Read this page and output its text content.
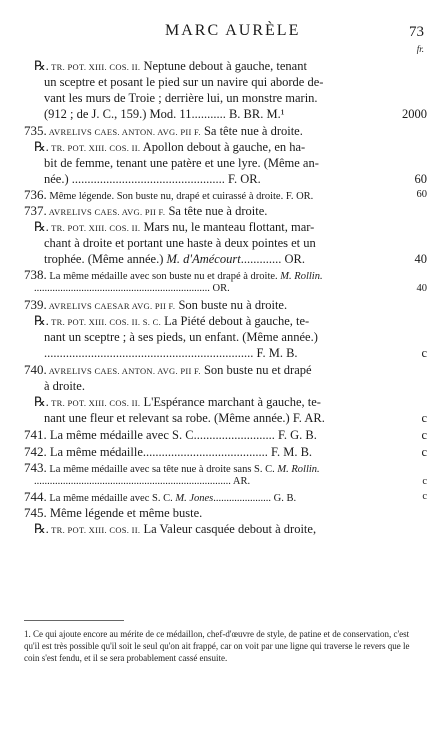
MARC AURÈLE	73
fr.
℞. TR. POT. XIII. COS. II. Neptune debout à gauche, tenant
un sceptre et posant le pied sur un navire qui aborde de-
vant les murs de Troie ; derrière lui, un monstre marin.
(912 ; de J. C., 159.) Mod. 11........... B. BR. M.¹	2000
735. AVRELIVS CAES. ANTON. AVG. PII F. Sa tête nue à droite.
℞. TR. POT. XIII. COS. II. Apollon debout à gauche, en ha-
bit de femme, tenant une patère et une lyre. (Même an-
née.) ................................................. F. OR.	60
736. Même légende. Son buste nu, drapé et cuirassé à droite. F. OR.	60
737. AVRELIVS CAES. AVG. PII F. Sa tête nue à droite.
℞. TR. POT. XIII. COS. II. Mars nu, le manteau flottant, mar-
chant à droite et portant une haste à deux pointes et un
trophée. (Même année.) M. d'Amécourt............. OR.	40
738. La même médaille avec son buste nu et drapé à droite. M. Rollin.
................................................................... OR.	40
739. AVRELIVS CAESAR AVG. PII F. Son buste nu à droite.
℞. TR. POT. XIII. COS. II. S. C. La Piété debout à gauche, te-
nant un sceptre ; à ses pieds, un enfant. (Même année.)
................................................................... F. M. B.	c
740. AVRELIVS CAES. ANTON. AVG. PII F. Son buste nu et drapé
à droite.
℞. TR. POT. XIII. COS. II. L'Espérance marchant à gauche, te-
nant une fleur et relevant sa robe. (Même année.) F. AR.	c
741. La même médaille avec S. C.......................... F. G. B.	c
742. La même médaille........................................ F. M. B.	c
743. La même médaille avec sa tête nue à droite sans S. C. M. Rollin.
........................................................................... AR.	c
744. La même médaille avec S. C. M. Jones...................... G. B.	c
745. Même légende et même buste.
℞. TR. POT. XIII. COS. II. La Valeur casquée debout à droite,
1. Ce qui ajoute encore au mérite de ce médaillon, chef-d'œuvre de style, de patine et de conservation, c'est qu'il est très possible qu'il soit le seul qu'on ait frappé, car on voit par une ligne qui traverse le revers que le coin s'est fendu, et il se sera probablement cassé ensuite.
